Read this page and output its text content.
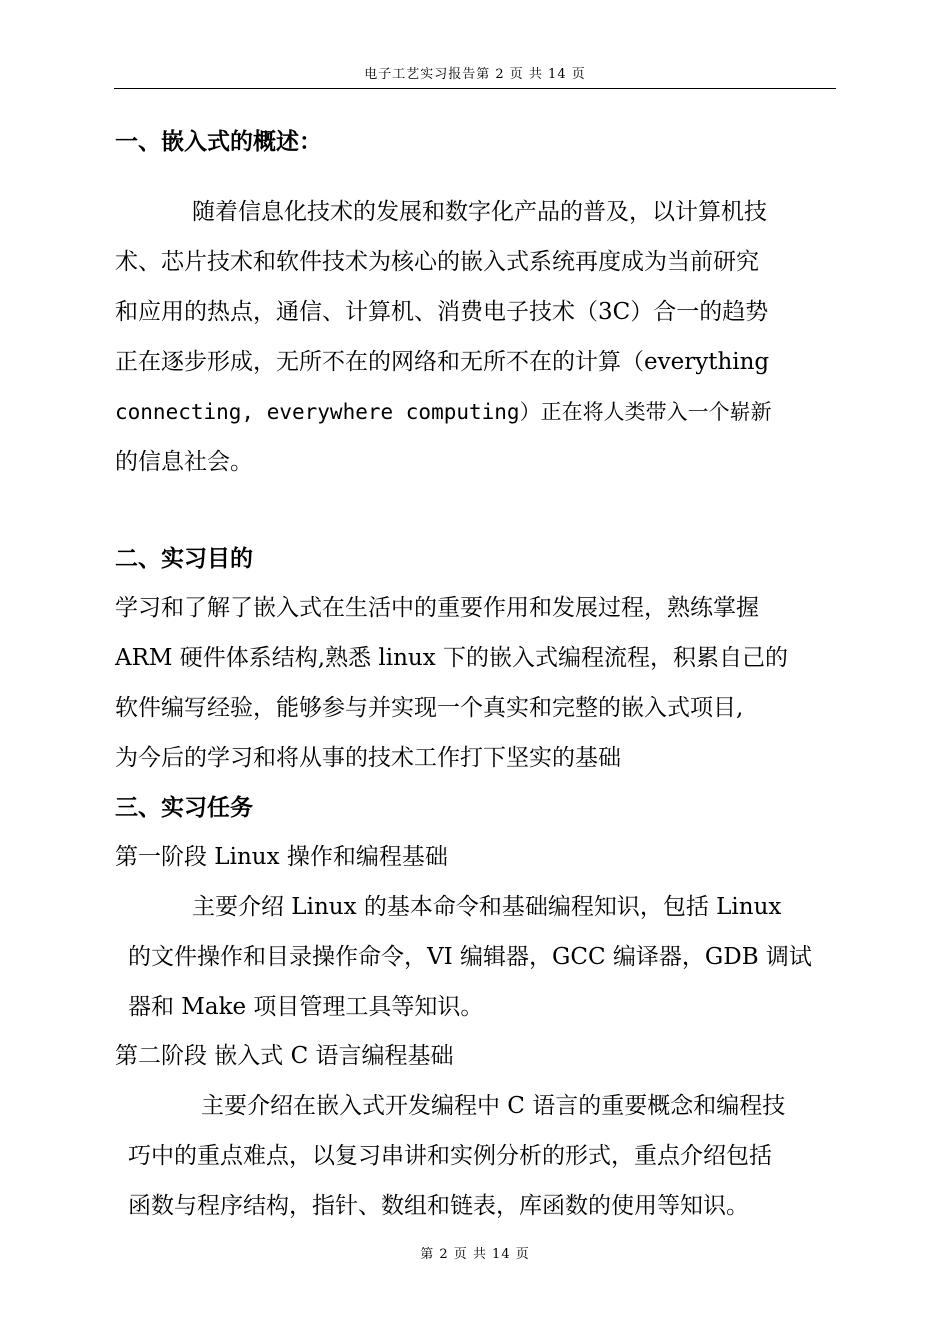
电子工艺实习报告第 2 页 共 14 页
一、嵌入式的概述：
随着信息化技术的发展和数字化产品的普及，以计算机技
术、芯片技术和软件技术为核心的嵌入式系统再度成为当前研究
和应用的热点，通信、计算机、消费电子技术（3C）合一的趋势
正在逐步形成，无所不在的网络和无所不在的计算（everything
connecting, everywhere computing）正在将人类带入一个崭新
的信息社会。
二、实习目的
学习和了解了嵌入式在生活中的重要作用和发展过程，熟练掌握
ARM 硬件体系结构,熟悉 linux 下的嵌入式编程流程，积累自己的
软件编写经验，能够参与并实现一个真实和完整的嵌入式项目,
为今后的学习和将从事的技术工作打下坚实的基础
三、实习任务
第一阶段 Linux 操作和编程基础
主要介绍 Linux 的基本命令和基础编程知识，包括 Linux
的文件操作和目录操作命令，VI 编辑器，GCC 编译器，GDB 调试
器和 Make 项目管理工具等知识。
第二阶段 嵌入式 C 语言编程基础
主要介绍在嵌入式开发编程中 C 语言的重要概念和编程技
巧中的重点难点，以复习串讲和实例分析的形式，重点介绍包括
函数与程序结构，指针、数组和链表，库函数的使用等知识。
第 2 页 共 14 页
